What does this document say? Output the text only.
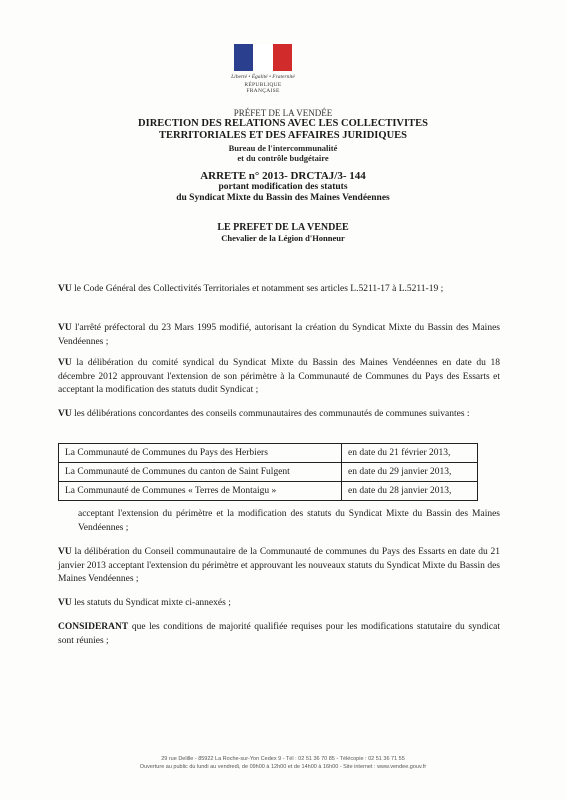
Liberté • Égalité • Fraternité
RÉPUBLIQUE FRANÇAISE
PRÉFET DE LA VENDÉE
DIRECTION DES RELATIONS AVEC LES COLLECTIVITES
TERRITORIALES ET DES AFFAIRES JURIDIQUES
Bureau de l'intercommunalité
et du contrôle budgétaire
ARRETE n° 2013- DRCTAJ/3- 144
portant modification des statuts
du Syndicat Mixte du Bassin des Maines Vendéennes
LE PREFET DE LA VENDEE
Chevalier de la Légion d'Honneur
VU le Code Général des Collectivités Territoriales et notamment ses articles L.5211-17 à L.5211-19 ;
VU l'arrêté préfectoral du 23 Mars 1995 modifié, autorisant la création du Syndicat Mixte du Bassin des Maines Vendéennes ;
VU la délibération du comité syndical du Syndicat Mixte du Bassin des Maines Vendéennes en date du 18 décembre 2012 approuvant l'extension de son périmètre à la Communauté de Communes du Pays des Essarts et acceptant la modification des statuts dudit Syndicat ;
VU les délibérations concordantes des conseils communautaires des communautés de communes suivantes :
La Communauté de Communes du Pays des Herbiers	en date du 21 février 2013,
La Communauté de Communes du canton de Saint Fulgent	en date du 29 janvier 2013,
La Communauté de Communes « Terres de Montaigu »	en date du 28 janvier 2013,
acceptant l'extension du périmètre et la modification des statuts du Syndicat Mixte du Bassin des Maines Vendéennes ;
VU la délibération du Conseil communautaire de la Communauté de communes du Pays des Essarts en date du 21 janvier 2013 acceptant l'extension du périmètre et approuvant les nouveaux statuts du Syndicat Mixte du Bassin des Maines Vendéennes ;
VU les statuts du Syndicat mixte ci-annexés ;
CONSIDERANT que les conditions de majorité qualifiée requises pour les modifications statutaire du syndicat sont réunies ;
29 rue Delille - 85922 La Roche-sur-Yon Cedex 9 - Tél : 02 51 36 70 85 - Télécopie : 02 51 36 71 55
Ouverture au public du lundi au vendredi, de 09h00 à 12h00 et de 14h00 à 16h00 - Site internet : www.vendee.gouv.fr
